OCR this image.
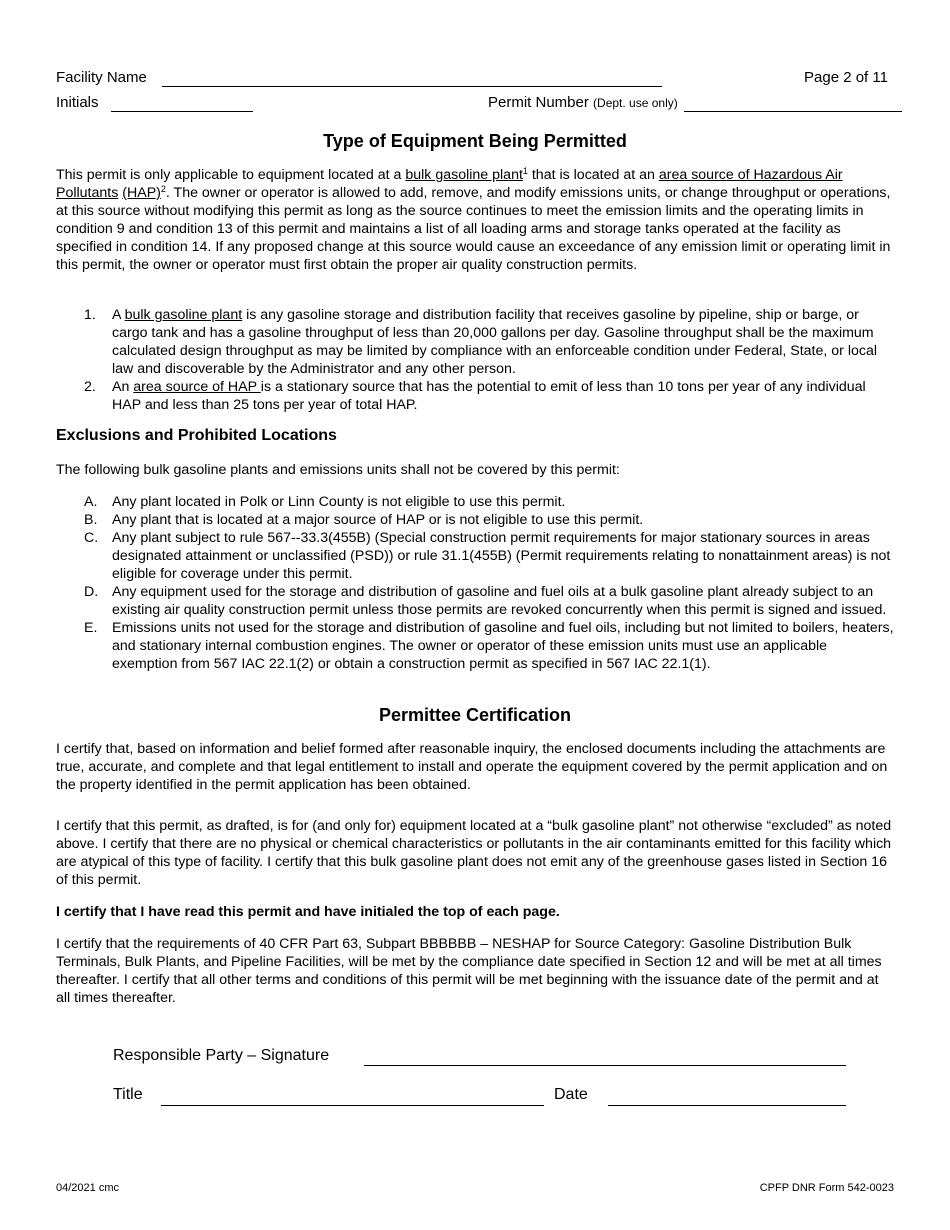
Facility Name	Page 2 of 11
Initials	Permit Number (Dept. use only)
Type of Equipment Being Permitted

This permit is only applicable to equipment located at a bulk gasoline plant$^1$ that is located at an area source of Hazardous Air Pollutants (HAP)$^2$. The owner or operator is allowed to add, remove, and modify emissions units, or change throughput or operations, at this source without modifying this permit as long as the source continues to meet the emission limits and the operating limits in condition 9 and condition 13 of this permit and maintains a list of all loading arms and storage tanks operated at the facility as specified in condition 14. If any proposed change at this source would cause an exceedance of any emission limit or operating limit in this permit, the owner or operator must first obtain the proper air quality construction permits.

1. A bulk gasoline plant is any gasoline storage and distribution facility that receives gasoline by pipeline, ship or barge, or cargo tank and has a gasoline throughput of less than 20,000 gallons per day. Gasoline throughput shall be the maximum calculated design throughput as may be limited by compliance with an enforceable condition under Federal, State, or local law and discoverable by the Administrator and any other person.
2. An area source of HAP is a stationary source that has the potential to emit of less than 10 tons per year of any individual HAP and less than 25 tons per year of total HAP.
Exclusions and Prohibited Locations

The following bulk gasoline plants and emissions units shall not be covered by this permit:

A. Any plant located in Polk or Linn County is not eligible to use this permit.
B. Any plant that is located at a major source of HAP or is not eligible to use this permit.
C. Any plant subject to rule 567--33.3(455B) (Special construction permit requirements for major stationary sources in areas designated attainment or unclassified (PSD)) or rule 31.1(455B) (Permit requirements relating to nonattainment areas) is not eligible for coverage under this permit.
D. Any equipment used for the storage and distribution of gasoline and fuel oils at a bulk gasoline plant already subject to an existing air quality construction permit unless those permits are revoked concurrently when this permit is signed and issued.
E. Emissions units not used for the storage and distribution of gasoline and fuel oils, including but not limited to boilers, heaters, and stationary internal combustion engines. The owner or operator of these emission units must use an applicable exemption from 567 IAC 22.1(2) or obtain a construction permit as specified in 567 IAC 22.1(1).
Permittee Certification

I certify that, based on information and belief formed after reasonable inquiry, the enclosed documents including the attachments are true, accurate, and complete and that legal entitlement to install and operate the equipment covered by the permit application and on the property identified in the permit application has been obtained.

I certify that this permit, as drafted, is for (and only for) equipment located at a “bulk gasoline plant” not otherwise “excluded” as noted above. I certify that there are no physical or chemical characteristics or pollutants in the air contaminants emitted for this facility which are atypical of this type of facility. I certify that this bulk gasoline plant does not emit any of the greenhouse gases listed in Section 16 of this permit.

I certify that I have read this permit and have initialed the top of each page.

I certify that the requirements of 40 CFR Part 63, Subpart BBBBBB – NESHAP for Source Category: Gasoline Distribution Bulk Terminals, Bulk Plants, and Pipeline Facilities, will be met by the compliance date specified in Section 12 and will be met at all times thereafter. I certify that all other terms and conditions of this permit will be met beginning with the issuance date of the permit and at all times thereafter.

Responsible Party – Signature
Title	Date
04/2021 cmc	CPFP DNR Form 542-0023
